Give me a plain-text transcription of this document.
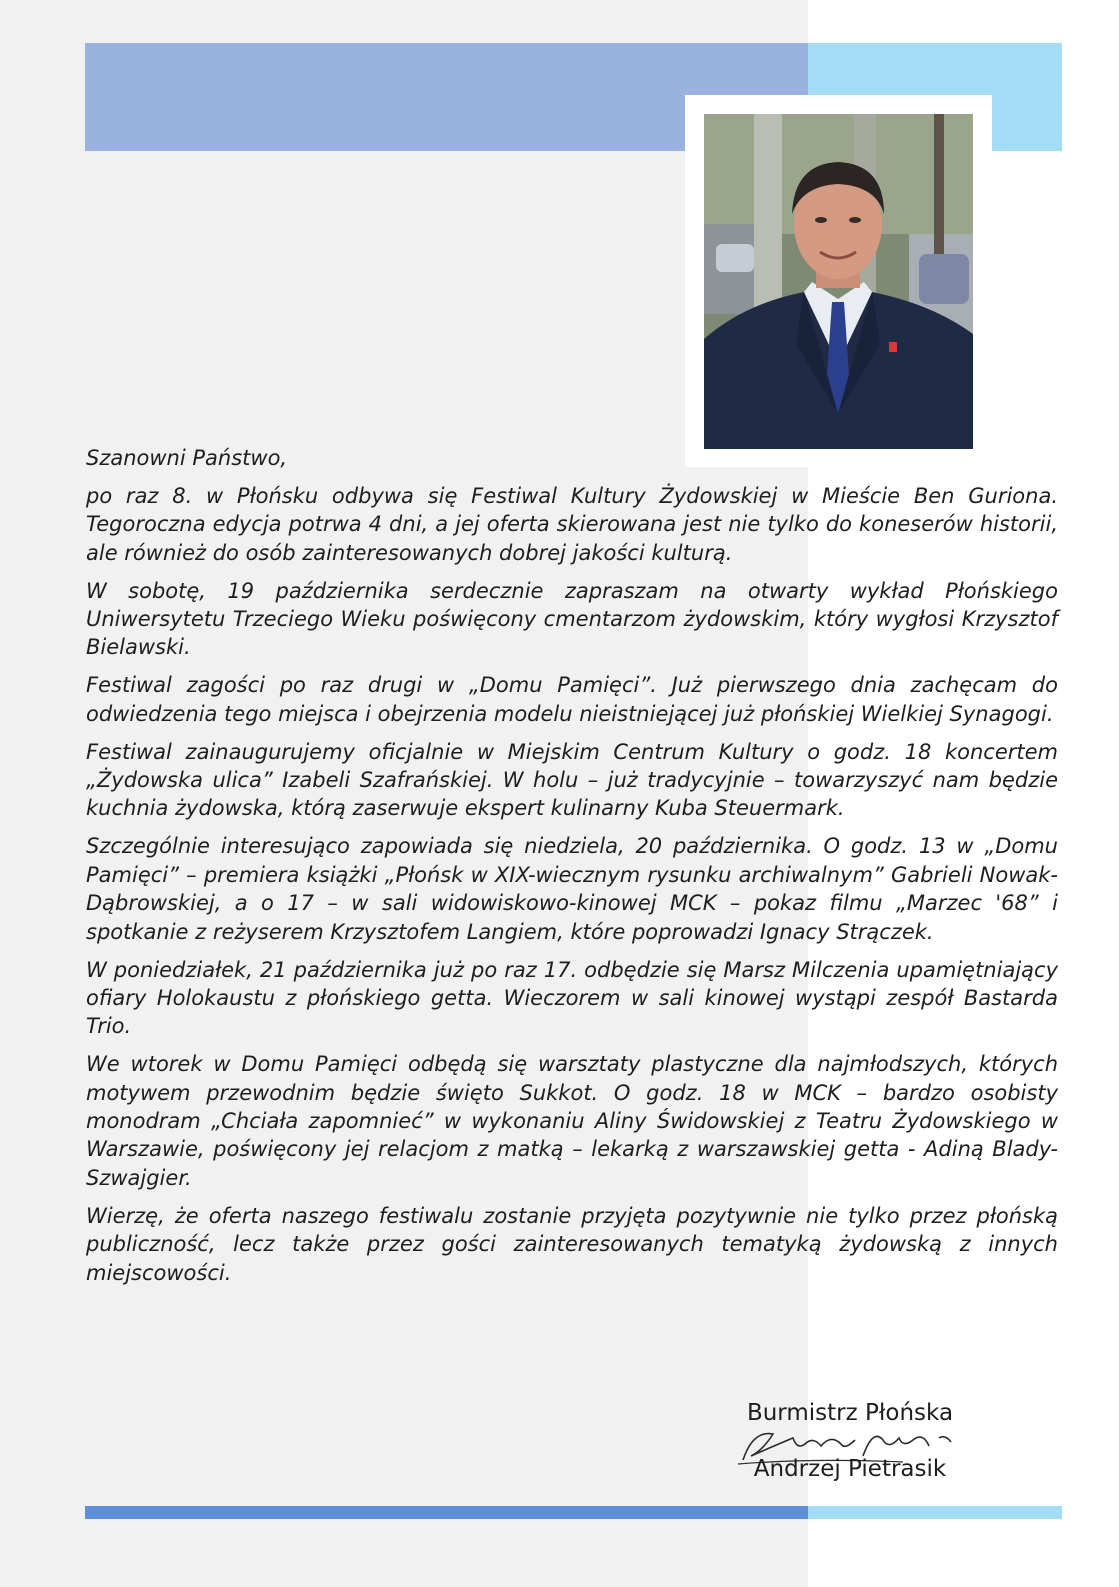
Szanowni Państwo,

po raz 8. w Płońsku odbywa się Festiwal Kultury Żydowskiej w Mieście Ben Guriona. Tegoroczna edycja potrwa 4 dni, a jej oferta skierowana jest nie tylko do koneserów historii, ale również do osób zainteresowanych dobrej jakości kulturą.

W sobotę, 19 października serdecznie zapraszam na otwarty wykład Płońskiego Uniwersytetu Trzeciego Wieku poświęcony cmentarzom żydowskim, który wygłosi Krzysztof Bielawski.

Festiwal zagości po raz drugi w „Domu Pamięci”. Już pierwszego dnia zachęcam do odwiedzenia tego miejsca i obejrzenia modelu nieistniejącej już płońskiej Wielkiej Synagogi.

Festiwal zainaugurujemy oficjalnie w Miejskim Centrum Kultury o godz. 18 koncertem „Żydowska ulica” Izabeli Szafrańskiej. W holu – już tradycyjnie – towarzyszyć nam będzie kuchnia żydowska, którą zaserwuje ekspert kulinarny Kuba Steuermark.

Szczególnie interesująco zapowiada się niedziela, 20 października. O godz. 13 w „Domu Pamięci” – premiera książki „Płońsk w XIX-wiecznym rysunku archiwalnym” Gabrieli Nowak-Dąbrowskiej, a o 17 – w sali widowiskowo-kinowej MCK – pokaz filmu „Marzec '68” i spotkanie z reżyserem Krzysztofem Langiem, które poprowadzi Ignacy Strączek.

W poniedziałek, 21 października już po raz 17. odbędzie się Marsz Milczenia upamiętniający ofiary Holokaustu z płońskiego getta. Wieczorem w sali kinowej wystąpi zespół Bastarda Trio.

We wtorek w Domu Pamięci odbędą się warsztaty plastyczne dla najmłodszych, których motywem przewodnim będzie święto Sukkot. O godz. 18 w MCK – bardzo osobisty monodram „Chciała zapomnieć” w wykonaniu Aliny Świdowskiej z Teatru Żydowskiego w Warszawie, poświęcony jej relacjom z matką – lekarką z warszawskiej getta - Adiną Blady-Szwajgier.

Wierzę, że oferta naszego festiwalu zostanie przyjęta pozytywnie nie tylko przez płońską publiczność, lecz także przez gości zainteresowanych tematyką żydowską z innych miejscowości.

Burmistrz Płońska
Andrzej Pietrasik
